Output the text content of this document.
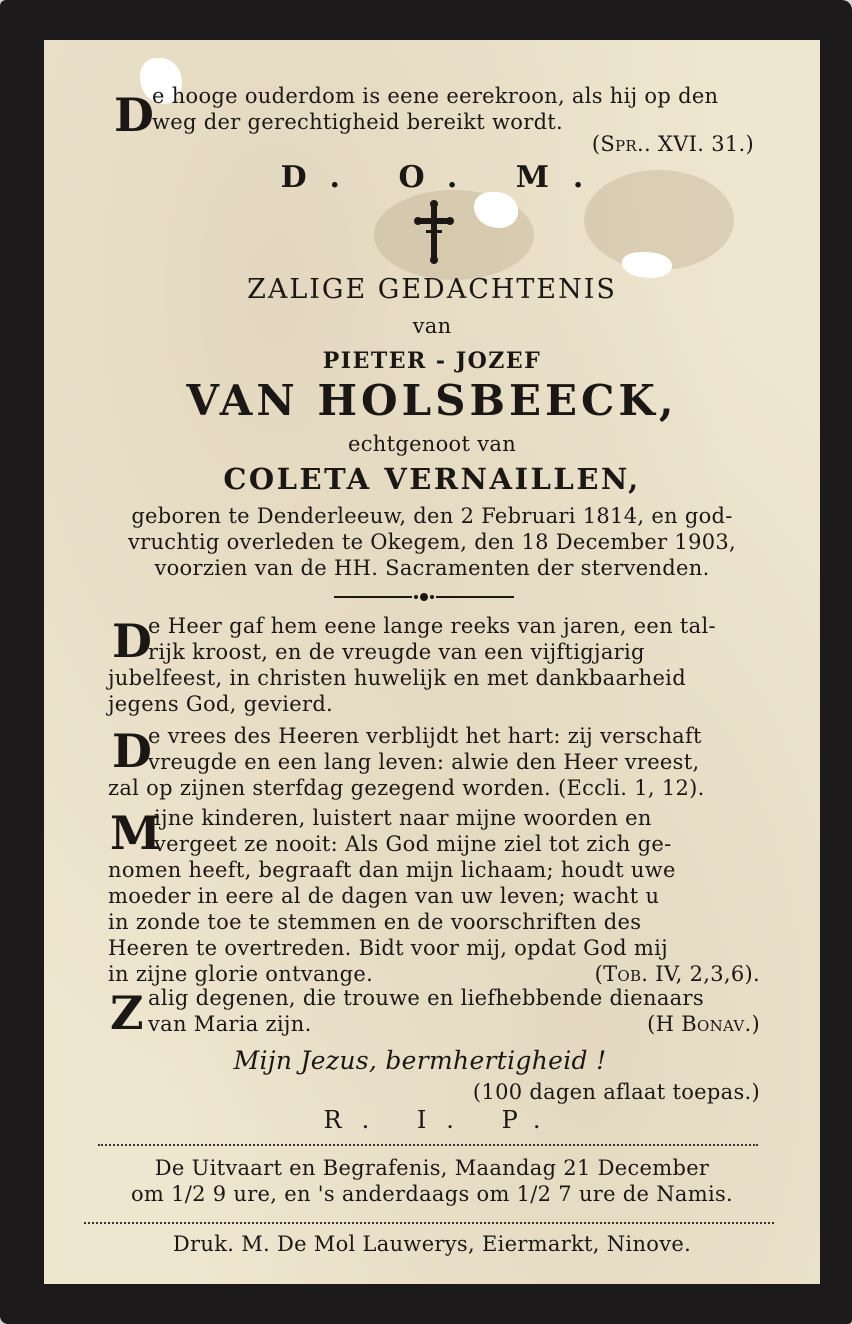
D
e hooge ouderdom is eene eerekroon, als hij op den
weg der gerechtigheid bereikt wordt.
(Spr.. XVI. 31.)
D. O. M.
ZALIGE GEDACHTENIS
van
PIETER - JOZEF
VAN HOLSBEECK,
echtgenoot van
COLETA VERNAILLEN,
geboren te Denderleeuw, den 2 Februari 1814, en god-
vruchtig overleden te Okegem, den 18 December 1903,
voorzien van de HH. Sacramenten der stervenden.
D
e Heer gaf hem eene lange reeks van jaren, een tal-
rijk kroost, en de vreugde van een vijftigjarig
jubelfeest, in christen huwelijk en met dankbaarheid
jegens God, gevierd.
D
e vrees des Heeren verblijdt het hart: zij verschaft
vreugde en een lang leven: alwie den Heer vreest,
zal op zijnen sterfdag gezegend worden. (Eccli. 1, 12).
M
ijne kinderen, luistert naar mijne woorden en
vergeet ze nooit: Als God mijne ziel tot zich ge-
nomen heeft, begraaft dan mijn lichaam; houdt uwe
moeder in eere al de dagen van uw leven; wacht u
in zonde toe te stemmen en de voorschriften des
Heeren te overtreden. Bidt voor mij, opdat God mij
in zijne glorie ontvange.	(Tob. IV, 2,3,6).
Z alig degenen, die trouwe en liefhebbende dienaars
van Maria zijn.	(H Bonav.)
Mijn Jezus, bermhertigheid !
(100 dagen aflaat toepas.)
R. I. P.
De Uitvaart en Begrafenis, Maandag 21 December
om 1/2 9 ure, en 's anderdaags om 1/2 7 ure de Namis.
Druk. M. De Mol Lauwerys, Eiermarkt, Ninove.
